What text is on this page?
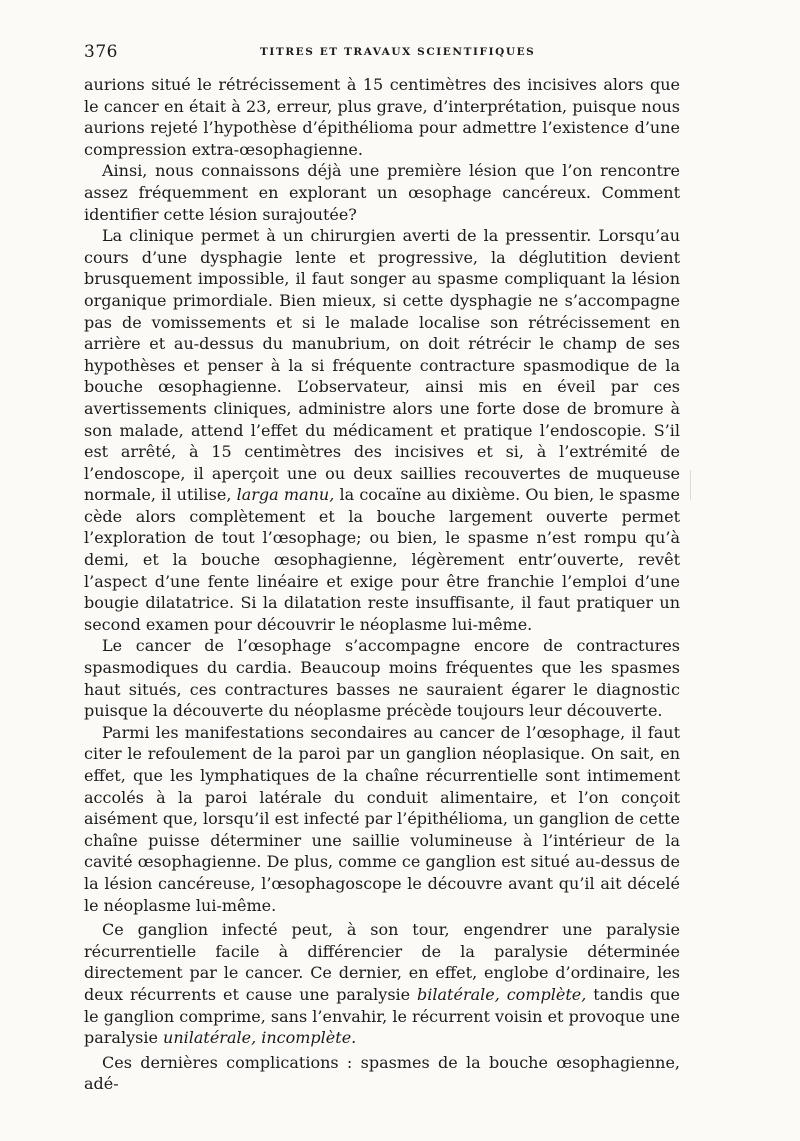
376	TITRES ET TRAVAUX SCIENTIFIQUES

aurions situé le rétrécissement à 15 centimètres des incisives alors que le cancer en était à 23, erreur, plus grave, d’interprétation, puisque nous aurions rejeté l’hypothèse d’épithélioma pour admettre l’existence d’une compression extra-œsophagienne.

Ainsi, nous connaissons déjà une première lésion que l’on rencontre assez fréquemment en explorant un œsophage cancéreux. Comment identifier cette lésion surajoutée?

La clinique permet à un chirurgien averti de la pressentir. Lorsqu’au cours d’une dysphagie lente et progressive, la déglutition devient brusquement impossible, il faut songer au spasme compliquant la lésion organique primordiale. Bien mieux, si cette dysphagie ne s’accompagne pas de vomissements et si le malade localise son rétrécissement en arrière et au-dessus du manubrium, on doit rétrécir le champ de ses hypothèses et penser à la si fréquente contracture spasmodique de la bouche œsophagienne. L’observateur, ainsi mis en éveil par ces avertissements cliniques, administre alors une forte dose de bromure à son malade, attend l’effet du médicament et pratique l’endoscopie. S’il est arrêté, à 15 centimètres des incisives et si, à l’extrémité de l’endoscope, il aperçoit une ou deux saillies recouvertes de muqueuse normale, il utilise, larga manu, la cocaïne au dixième. Ou bien, le spasme cède alors complètement et la bouche largement ouverte permet l’exploration de tout l’œsophage; ou bien, le spasme n’est rompu qu’à demi, et la bouche œsophagienne, légèrement entr’ouverte, revêt l’aspect d’une fente linéaire et exige pour être franchie l’emploi d’une bougie dilatatrice. Si la dilatation reste insuffisante, il faut pratiquer un second examen pour découvrir le néoplasme lui-même.

Le cancer de l’œsophage s’accompagne encore de contractures spasmodiques du cardia. Beaucoup moins fréquentes que les spasmes haut situés, ces contractures basses ne sauraient égarer le diagnostic puisque la découverte du néoplasme précède toujours leur découverte.

Parmi les manifestations secondaires au cancer de l’œsophage, il faut citer le refoulement de la paroi par un ganglion néoplasique. On sait, en effet, que les lymphatiques de la chaîne récurrentielle sont intimement accolés à la paroi latérale du conduit alimentaire, et l’on conçoit aisément que, lorsqu’il est infecté par l’épithélioma, un ganglion de cette chaîne puisse déterminer une saillie volumineuse à l’intérieur de la cavité œsophagienne. De plus, comme ce ganglion est situé au-dessus de la lésion cancéreuse, l’œsophagoscope le découvre avant qu’il ait décelé le néoplasme lui-même.

Ce ganglion infecté peut, à son tour, engendrer une paralysie récurrentielle facile à différencier de la paralysie déterminée directement par le cancer. Ce dernier, en effet, englobe d’ordinaire, les deux récurrents et cause une paralysie bilatérale, complète, tandis que le ganglion comprime, sans l’envahir, le récurrent voisin et provoque une paralysie unilatérale, incomplète.

Ces dernières complications : spasmes de la bouche œsophagienne, adé-
